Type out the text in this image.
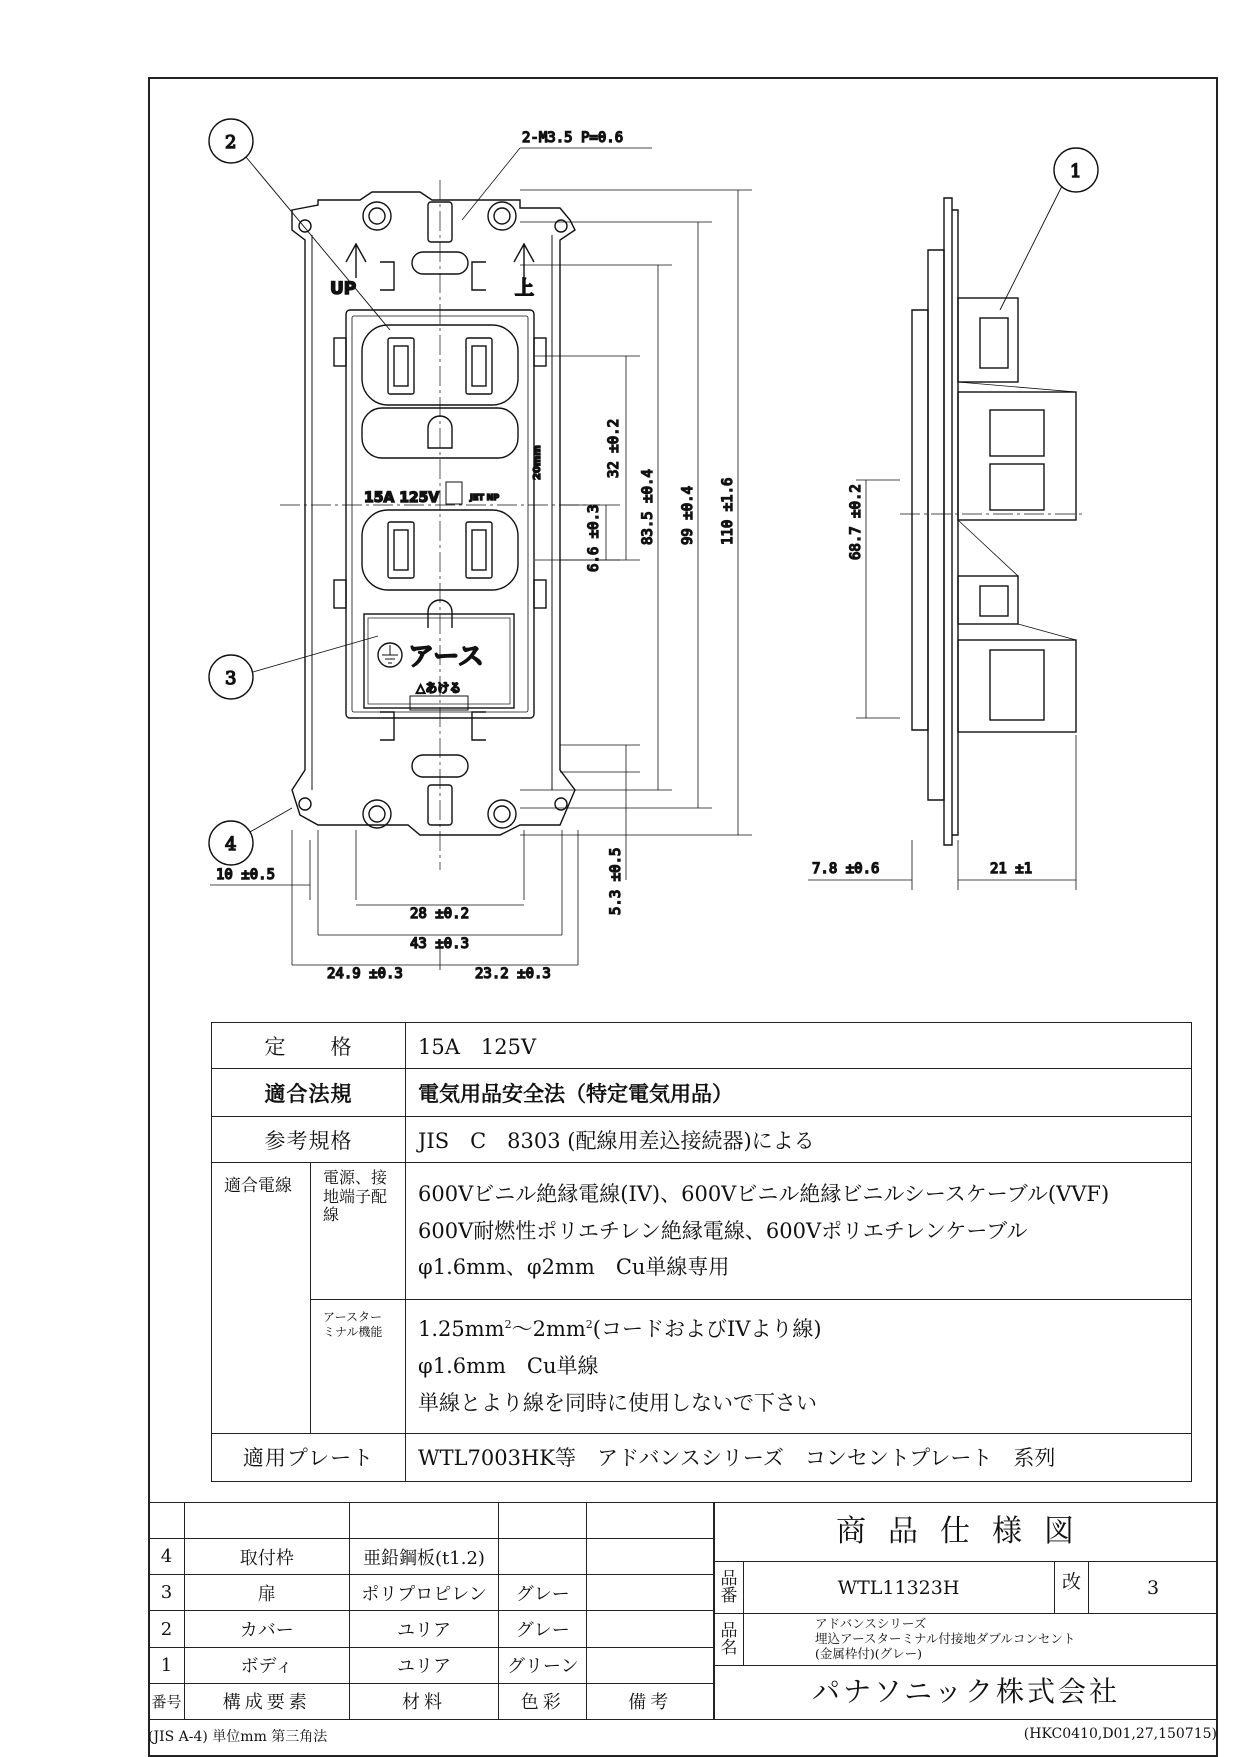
UP	上
15A 125V
アース
△あける
20mm
JET NP
32 ±0.2
6.6 ±0.3	83.5 ±0.4 99 ±0.4 110 ±1.6
5.3 ±0.5
10 ±0.5
28 ±0.2
43 ±0.3
24.9 ±0.3	23.2 ±0.3
2-M3.5 P=0.6
68.7 ±0.2
7.8 ±0.6	21 ±1
1
2
3
4
定　　格		15A　125V
適合法規		電気用品安全法（特定電気用品）
参考規格		JIS　C　8303 (配線用差込接続器)による
適合電線	電源、接地端子配線	600Vビニル絶縁電線(IV)、600Vビニル絶縁ビニルシースケーブル(VVF)
600V耐燃性ポリエチレン絶縁電線、600Vポリエチレンケーブル
φ1.6mm、φ2mm　Cu単線専用

	アースターミナル機能	$1.25mm^2\sim 2mm^2$(コードおよびIVより線)
φ1.6mm　Cu単線
単線とより線を同時に使用しないで下さい

適用プレート		WTL7003HK等　アドバンスシリーズ　コンセントプレート　系列

4	取付枠	亜鉛鋼板(t1.2)		
3	扉	ポリプロピレン	グレー	
2	カバー	ユリア	グレー	
1	ボディ	ユリア	グリーン	
番号	構成要素	材料	色彩	備考
商品仕様図
品番	WTL11323H	改	3
品名
アドバンスシリーズ
埋込アースターミナル付接地ダブルコンセント
(金属枠付)(グレー)
パナソニック株式会社
(JIS A-4) 単位mm 第三角法	(HKC0410,D01,27,150715)
